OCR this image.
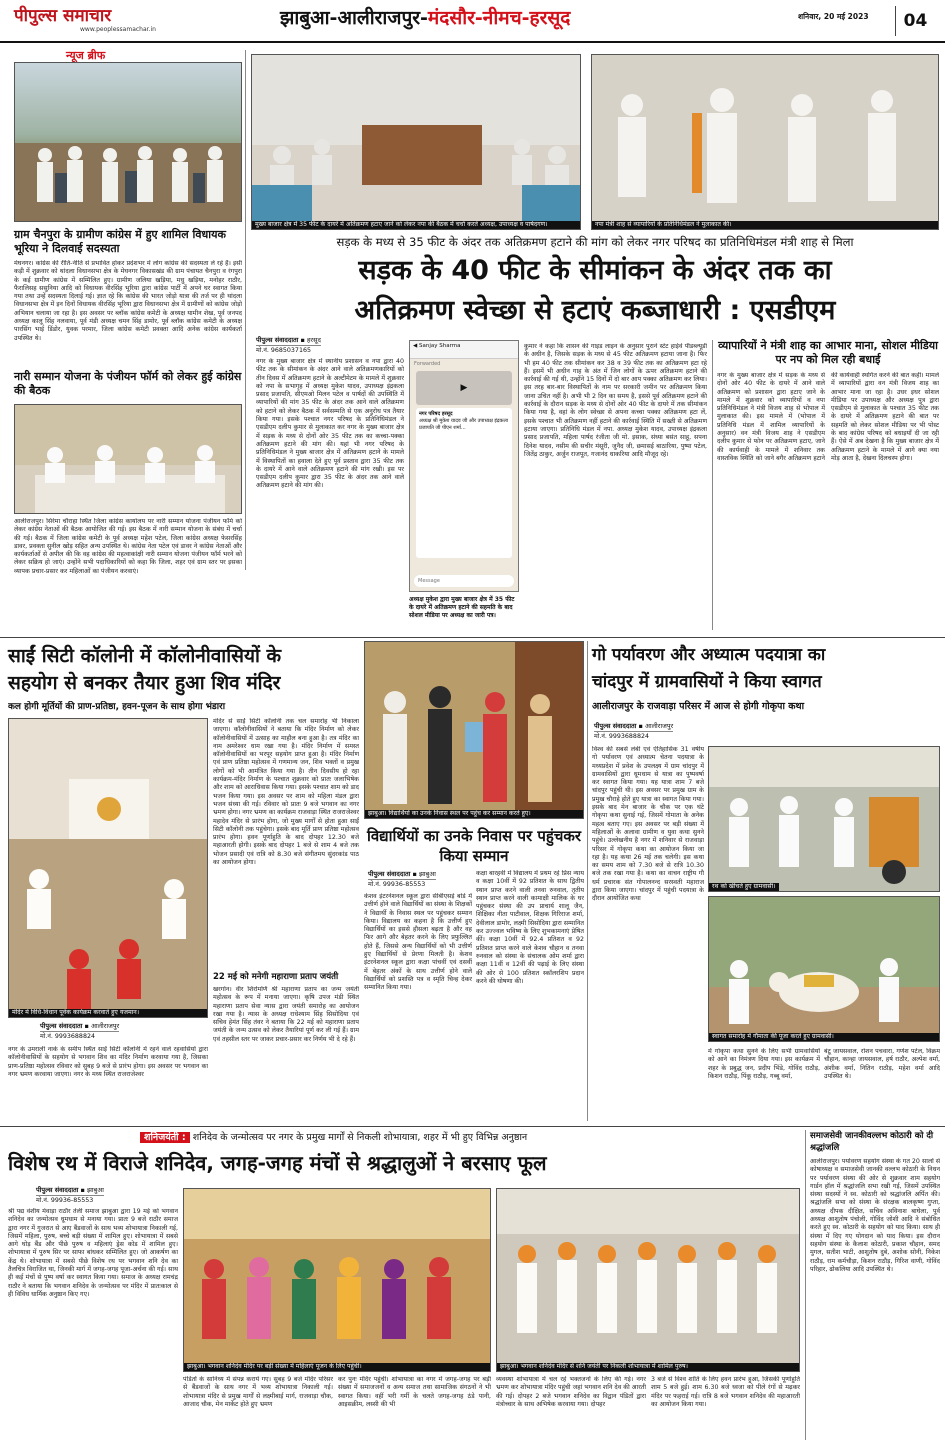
पीपुल्स समाचार
www.peoplessamachar.in
झाबुआ-आलीराजपुर-मंदसौर-नीमच-हरसूद	शनिवार, 20 मई 2023	04
न्यूज ब्रीफ
ग्राम चैनपुरा के ग्रामीण कांग्रेस में हुए शामिल विधायक भूरिया ने दिलवाई सदस्यता
मेघनगर। कांग्रेस की रीति-नीति से प्रभावित होकर प्रदेशभर में लोग कांग्रेस की सदस्यता ले रहे हैं। इसी कड़ी में शुक्रवार को थांदला विधानसभा क्षेत्र के मेघनगर विकासखंड की ग्राम पंचायत चैनपुरा व रंगपुरा के कई ग्रामीण कांग्रेस में सम्मिलित हुए। ग्रामीण जलिया खड़िया, मधु खड़िया, मनोहर राठौर, फैरालिसह ससुनिया आदि को विधायक वीरसिंह भूरिया द्वारा कांग्रेस पार्टी में अपने घर स्वागत किया गया तथा उन्हें सदस्यता दिलाई गई। ज्ञात रहे कि कांग्रेस की भारत जोड़ो यात्रा की तर्ज पर ही थांदला विधानसभा क्षेत्र में इन दिनों विधायक वीरसिंह भूरिया द्वारा विधानसभा क्षेत्र में ग्रामीणों को कांग्रेस जोड़ो अभियान चलाया जा रहा है। इस अवसर पर ब्लॉक कांग्रेस कमेटी के अध्यक्ष यामीन शेख, पूर्व जनपद अध्यक्ष कालू सिंह नलवाया, पूर्व मंडी अध्यक्ष चमन सिंह डामोर, पूर्व ब्लॉक कांग्रेस कमेटी के अध्यक्ष पारसिंग भाई डिंडोर, युवक परमार, जिला कांग्रेस कमेटी प्रवक्ता आदि अनेक कांग्रेस कार्यकर्ता उपस्थित थे।
नारी सम्मान योजना के पंजीयन फॉर्म को लेकर हुई कांग्रेस की बैठक
आलीराजपुर। सिरेमा चौराहा स्थित जिला कांग्रेस कार्यालय पर नारी सम्मान योजना पंजीयन फॉर्म को लेकर कांग्रेस नेताओं की बैठक आयोजित की गई। इस बैठक में नारी सम्मान योजना के संबंध में चर्चा की गई। बैठक में जिला कांग्रेस कमेटी के पूर्व अध्यक्ष महेश पटेल, जिला कांग्रेस अध्यक्ष फेसरसिंह डावर, प्रवक्ता सुनील खोड़ सहित अन्य उपस्थित थे। कांग्रेस नेता पटेल एवं डावर ने कांग्रेस नेताओं और कार्यकर्ताओं से अपील की कि वह कांग्रेस की महत्वाकांक्षी नारी सम्मान योजना पंजीयन फॉर्म भरने को लेकर सक्रिय हो जाएं। उन्होंने सभी पदाधिकारियों को कहा कि जिला, शहर एवं ग्राम स्तर पर इसका व्यापक प्रचार-प्रसार कर महिलाओं का पंजीयन करवाएं।
मुख्य बाजार क्षेत्र में 35 फीट के दायरे में अतिक्रमण हटाए जाने को लेकर नपा की बैठक में चर्चा करते अध्यक्ष, उपाध्यक्ष व पार्षदगण।	नपा मंत्री शाह से व्यापारियों के प्रतिनिधिमंडल ने मुलाकात की।
सड़क के मध्य से 35 फीट के अंदर तक अतिक्रमण हटाने की मांग को लेकर नगर परिषद का प्रतिनिधिमंडल मंत्री शाह से मिला
सड़क के 40 फीट के सीमांकन के अंदर तक का
अतिक्रमण स्वेच्छा से हटाएं कब्जाधारी : एसडीएम
पीपुल्स संवाददाता ▪ हरसूद
मो.नं. 9685037165
नगर के मुख्य बाजार क्षेत्र में स्थानीय प्रशासन व नपा द्वारा 40 फीट तक के सीमांकन के अंदर आने वाले अतिक्रमणकारियों को तीन दिवस में अतिक्रमण हटाने के अल्टीमेटम के मामले में शुक्रवार को नपा के सभागृह में अध्यक्ष मुकेश यादव, उपाध्यक्ष इंद्रकला प्रसाद प्रजापति, सीएमओ मिलन पटेल व पार्षदों की उपस्थिति में व्यापारियों की मांग 35 फीट के अंदर तक आने वाले अतिक्रमण को हटाने को लेकर बैठक में सर्वसम्मति से एक अनुरोध पत्र तैयार किया गया। इसके पश्चात नगर परिषद के प्रतिनिधिमंडल ने एसडीएम दलीप कुमार से मुलाकात कर नगर के मुख्य बाजार क्षेत्र में सड़क के मध्य से दोनों ओर 35 फीट तक का कच्चा-पक्का अतिक्रमण हटाने की मांग की। यहां भी नगर परिषद के प्रतिनिधिमंडल ने मुख्य बाजार क्षेत्र में अतिक्रमण हटाने के मामले में विस्थापितों का हवाला देते हुए पूर्व प्रस्ताव द्वारा 35 फीट तक के दायरे में आने वाले अतिक्रमण हटाने की मांग रखी। इस पर एसडीएम दलीप कुमार द्वारा 35 फीट के अंदर तक आने वाले अतिक्रमण हटाने की मांग की।
◀ Sanjay Sharma
Forwarded
▶
नगर परिषद हरसूद
अध्यक्ष श्री मुकेश यादव जी और उपाध्यक्ष इंद्रकला प्रजापति जी पीएन शर्मा...
Message
अध्यक्ष मुकेश द्वारा मुख्य बाजार क्षेत्र में 35 फीट के दायरे में अतिक्रमण हटाने की सहमति के बाद सोशल मीडिया पर अध्यक्ष का जारी पत्र।
कुमार ने कहा कि शासन की गाइड लाइन के अनुसार पुराने स्टेट हाईवे पीडब्ल्यूडी के अधीन है, जिसके सड़क के मध्य से 45 फीट अतिक्रमण हटाया जाना है। फिर भी हम 40 फीट तक सीमांकन कर 38 व 39 फीट तक का अतिक्रमण हटा रहे हैं। इसमें भी अधीन गाह के अंत में जिन लोगों के ऊपर अतिक्रमण हटाने की कार्रवाई की गई थी, उन्होंने 15 दिनों में दो बार आप पक्का अतिक्रमण कर लिया। इस तरह बार-बार विस्थापितों के नाम पर सरकारी जमीन पर अतिक्रमण किया जाना उचित नहीं है। अभी भी 2 दिन का समय है, इससे पूर्व अतिक्रमण हटाने की कार्रवाई के दौरान सड़क के मध्य से दोनों ओर 40 फीट के दायरे में तक सीमांकन किया गया है, वहां के लोग स्वेच्छा से अपना कच्चा पक्का अतिक्रमण हटा लें, इसके पश्चात भी अतिक्रमण नहीं हटाने की कार्रवाई स्थिति में सख्ती से अतिक्रमण हटाया जाएगा। प्रतिनिधि मंडल में नपा. अध्यक्ष मुकेश यादव, उपाध्यक्ष इंद्रकला प्रसाद प्रजापति, महिला पार्षद रंजीता जी मो. इसाक, संध्या बसंत साहू, सपना दिनेश यादव, नसीम की सचीर मंसूरी, जुनैद जी, छमासई बाठारिया, पुष्पा पटेल, जितेंद्र ठाकुर, अर्जुन राजपूत, गजानंद धाकरिया आदि मौजूद रहे।
व्यापारियों ने मंत्री शाह का आभार माना, सोशल मीडिया पर नप को मिल रही बधाई
नगर के मुख्य बाजार क्षेत्र में सड़क के मध्य से दोनों ओर 40 फीट के दायरे में आने वाले अतिक्रमण को प्रशासन द्वारा हटाए जाने के मामले में शुक्रवार को व्यापारियों व नपा प्रतिनिधिमंडल ने मंत्री विजय शाह से भोपाल में मुलाकात की। इस मामले में (भोपाल में प्रतिनिधि मंडल में शामिल व्यापारियों के अनुसार) वन मंत्री विजय शाह ने एसडीएम दलीप कुमार से फोन पर अतिक्रमण हटाए, जाने की कार्यवाही के मामले में शनिवार तक वास्तविक स्थिति को जाने बगैर अतिक्रमण हटाने की कार्यवाही स्थगित करने की बात कही। मामले में व्यापारियों द्वारा वन मंत्री विजय शाह का आभार माना जा रहा है। उधर इधर सोशल मीडिया पर उपाध्यक्ष और अध्यक्ष पुत्र द्वारा एसडीएम से मुलाकात के पश्चात 35 फीट तक के दायरे में अतिक्रमण हटाने की बात पर सहमति को लेकर सोशल मीडिया पर भी पोस्ट के बाद कांग्रेस परिषद को बधाइयाँ दी जा रही हैं। ऐसे में अब देखना है कि मुख्य बाजार क्षेत्र में अतिक्रमण हटाने के मामले में आगे क्या नया मोड़ आता है, देखना दिलचस्प होगा।
साईं सिटी कॉलोनी में कॉलोनीवासियों के
सहयोग से बनकर तैयार हुआ शिव मंदिर
कल होगी मूर्तियों की प्राण-प्रतिष्ठा, हवन-पूजन के साथ होगा भंडारा
मंदिर में विधि-विधान पूर्वक कार्यक्रम करवाते हुए यजमान।
पीपुल्स संवाददाता ▪ आलीराजपुर
मो.नं. 9993688824
नगर के उमराली नाके के समीप स्थित साईं सिटी कॉलोनी में रहने वाले रहवासियों द्वारा कॉलोनीवासियों के सहयोग से भगवान शिव का मंदिर निर्माण करवाया गया है, जिसका प्राण-प्रतिष्ठा महोत्सव रविवार को सुबह 9 बजे से प्रारंभ होगा। इस अवसर पर भगवान का नगर भ्रमण करवाया जाएगा। नगर के मध्य स्थित राजराजेश्वर
मंदिर से साईं सिटी कॉलोनी तक चल समारोह भी निकाला जाएगा। कॉलोनीवासियों ने बताया कि मंदिर निर्माण को लेकर कॉलोनीवासियों में उत्साह का माहौल बना हुआ है। तत्र मंदिर का नाम अमरेश्वर धाम रखा गया है। मंदिर निर्माण में समस्त कॉलोनीवासियों का भरपूर सहयोग प्राप्त हुआ है। मंदिर निर्माण एवं प्राण प्रतिष्ठा महोत्सव में गणमान्य जन, शिव भक्तों व प्रमुख लोगों को भी आमंत्रित किया गया है। तीन दिवसीय हो रहा कार्यक्रम-मंदिर निर्माण के पश्चात शुक्रवार को प्रातः जलाभिषेक और शाम को आराधिवास किया गया। इसके पश्चात शाम को डाद भजन किया गया। इस अवसर पर शाम को महिला मंडल द्वारा भजन संध्या की गई। रविवार को प्रातः 9 बजे भगवान का नगर भ्रमण होगा। नगर भ्रमण का कार्यक्रम राजवाड़ा स्थित राजराजेश्वर महादेव मंदिर से प्रारंभ होगा, जो मुख्य मार्गों से होता हुआ साईं सिटी कॉलोनी तक पहुंचेगा। इसके बाद मूर्ति प्राण प्रतिष्ठा महोत्सव प्रारंभ होगा। हवन पूर्णाहुति के बाद दोपहर 12.30 बजे महाआरती होगी। इसके बाद दोपहर 1 बजे से शाम 4 बजे तक भोजन प्रसादी एवं रात्रि को 8.30 बजे संगीतमय सुंदरकांड पाठ का आयोजन होगा।
22 मई को मनेगी महाराणा प्रताप जयंती
खरगोन। वीर शिरोमणि श्री महाराणा प्रताप का जन्म जयंती महोत्सव के रूप में मनाया जाएगा। कृषि उपज मंडी स्थित महाराणा प्रताप सेवा न्यास द्वारा जयंती समारोह का आयोजन रखा गया है। न्यास के अध्यक्ष राधेश्याम सिंह सिसोदिया एवं सचिव हेमंत सिंह तंवर ने बताया कि 22 मई को महाराणा प्रताप जयंती के जन्म उत्सव को लेकर तैयारियां पूर्ण कर ली गई हैं। ग्राम एवं तहसील स्तर पर जाकर प्रचार-प्रसार कर निर्णय भी दे रहे हैं।
झाबुआ। विद्यार्थियों का उनके निवास स्थल पर पहुंच कर सम्मान करते हुए।
विद्यार्थियों का उनके निवास पर पहुंचकर किया सम्मान
पीपुल्स संवाददाता ▪ झाबुआ
मो.नं. 99936-85553
केशव इंटरनेशनल स्कूल द्वारा सीबीएसई बोर्ड में उत्तीर्ण होने वाले विद्यार्थियों का संस्था के शिक्षकों ने विद्यार्थी के निवास स्थल पर पहुंचकर सम्मान किया। विद्यालय का कहना है कि उत्तीर्ण हुए विद्यार्थियों का इससे हौसला बढ़ता है और वह फिर आगे और बेहतर करने के लिए प्रफुल्लित होते हैं, जिससे अन्य विद्यार्थियों को भी उत्तीर्ण हुए विद्यार्थियों से प्रेरणा मिलती है। केशव इंटरनेशनल स्कूल द्वारा कक्षा पांचवीं एवं दसवीं में बेहतर अंकों के साथ उत्तीर्ण होने वाले विद्यार्थियों को प्रशस्ति पत्र व स्मृति चिन्ह देकर सम्मानित किया गया।
कक्षा बारहवीं में विद्यालय में प्रथम रहे प्रिंस न्याय व कक्षा 10वीं में 92 प्रतिशत के साथ द्वितीय स्थान प्राप्त करने वाली तनवा रुनवाल, तृतीय स्थान प्राप्त करने वाली कामाक्षी मालिक के घर पहुंचकर संस्था की उप प्राचार्य शालू जैन, शिक्षिका नीता पाटीवाल, शिक्षक गिरिराज शर्मा, देवीलाल डामोर, लक्ष्मी सिसोदिया द्वारा सम्मानित कर उज्ज्वल भविष्य के लिए शुभकामनाएं प्रेषित कीं। कक्षा 10वीं में 92.4 प्रतिशत व 92 प्रतिशत प्राप्त करने वाले केशव चौहान व तनवा रुनवाल को संस्था के संचालक ओम शर्मा द्वारा कक्षा 11वीं व 12वीं की पढ़ाई के लिए संस्था की ओर से 100 प्रतिशत स्कॉलरशिप प्रदान करने की घोषणा की।
गो पर्यावरण और अध्यात्म पदयात्रा का
चांदपुर में ग्रामवासियों ने किया स्वागत
आलीराजपुर के राजवाड़ा परिसर में आज से होगी गोकृपा कथा
पीपुल्स संवाददाता ▪ आलीराजपुर
मो.नं. 9993688824
विश्व की सबसे लंबी एवं ऐतिहासिक 31 वर्षीय गो पर्यावरण एवं अध्यात्म चेतना पदयात्रा के मध्यप्रदेश में प्रवेश के उपलक्ष्य में ग्राम चांदपुर में ग्रामवासियों द्वारा धूमधाम से यात्रा का पुष्पवर्षा कर स्वागत किया गया। यह यात्रा शाम 7 बजे चांदपुर पहुंची थी। इस अवसर पर प्रमुख ग्राम के प्रमुख चौराहे होते हुए यात्रा का स्वागत किया गया। इसके बाद मेन बाजार के चौक पर एक घंटे गोकृपा कथा सुनाई गई, जिसमें गोमाता के अनेक महत्व बताए गए। इस अवसर पर बड़ी संख्या में महिलाओं के अलावा ग्रामीण व युवा कथा सुनने पहुंचे। उल्लेखनीय है नगर में शनिवार से राजवाड़ा परिसर में गोकृपा कथा का आयोजन किया जा रहा है। यह कथा 26 मई तक चलेगी। इस कथा का समय शाम को 7.30 बजे से रात्रि 10.30 बजे तक रखा गया है। कथा का वाचन राष्ट्रीय गौ धर्म प्रचारक संत गोपालनन्द सरस्वती महाराज द्वारा किया जाएगा। चांदपुर में पहुंची पदयात्रा के दौरान आयोजित कथा
रथ को खींचते हुए ग्रामवासी।
स्वागत समारोह में गौमाता की पूजा करते हुए ग्रामवासी।
में गोकृपा कथा सुनने के लिए सभी ग्रामवासियों को आने का निमंत्रण दिया गया। इस कार्यक्रम में शहर के प्रबुद्ध जन, प्रदीप भिंडे, गोविंद राठौड़, किशन राठौड़, पिंकू राठौड़, गब्बू वर्मा,
बंटू जायसवाल, रोशन पचवारा, गणेश पटेल, विक्रम चौहान, कान्हा जायसवाल, हर्ष राठौर, अल्पेश वर्मा, अंशीक वर्मा, नितिन राठौड़, महेश वर्मा आदि उपस्थित थे।
शनिजयंती : शनिदेव के जन्मोत्सव पर नगर के प्रमुख मार्गों से निकली शोभायात्रा, शहर में भी हुए विभिन्न अनुष्ठान
विशेष रथ में विराजे शनिदेव, जगह-जगह मंचों से श्रद्धालुओं ने बरसाए फूल
पीपुल्स संवाददाता ▪ झाबुआ
मो.नं. 99936-85553
श्री पद्य वंशीय मेवाड़ा राठौर तेली समाज झाबुआ द्वारा 19 मई को भगवान शनिदेव का जन्मोत्सव धूमधाम से मनाया गया। प्रातः 9 बजे राठौर समाज द्वारा नगर में गुजरात से आए बैंडवाजों के साथ भव्य शोभायात्रा निकाली गई, जिसमें महिला, पुरुष, बच्चे बड़ी संख्या में शामिल हुए। शोभायात्रा में सबसे आगे घोड़ बैंड और पीछे पुरुष व महिलाएं ड्रेस कोड में शामिल हुए। शोभायात्रा में पुरुष सिर पर साफा बांधकर सम्मिलित हुए। जो आकर्षण का केंद्र थे। शोभायात्रा में सबसे पीछे विशेष रथ पर भगवान शनि देव का तैलचित्र विराजित था, जिनकी मार्ग में जगह-जगह पूजा-अर्चना की गई। साथ ही कई मंचों से पुष्प वर्षा कर स्वागत किया गया। समाज के अध्यक्ष रामचंद्र राठौर ने बताया कि भगवान शनिदेव के जन्मोत्सव पर मंदिर में प्रातःकाल से ही विविध धार्मिक अनुष्ठान किए गए।
झाबुआ। भगवान शनिदेव मंदिर पर बड़ी संख्या में महिलाएं पूजन के लिए पहुंचीं।	झाबुआ। भगवान शनिदेव मंदिर से शनि जयंती पर निकली शोभायात्रा में शामिल पुरुष।
पंडितों के सानिध्य में संपन्न कराये गए। सुबह 9 बजे मंदिर परिसर से बैंडवाजों के साथ नगर में भव्य शोभायात्रा निकाली गई। शोभायात्रा मंदिर से प्रमुख मार्गों से लक्ष्मीबाई मार्ग, राजवाड़ा चौक, आजाद चौक, मेन मार्केट होते हुए भ्रमण
कर पुनः मंदिर पहुंची। शोभायात्रा का नगर में जगह-जगह पर बड़ी संख्या में समाजजनों व अन्य समाज तथा सामाजिक संगठनों ने भी स्वागत किया। वहीं भरी गर्मी के चलते जगह-जगह ठंडे पानी, आइसक्रीम, लस्सी की भी
व्यवस्था शोभायात्रा में चल रहे भक्तजनों के लिए की गई। नगर भ्रमण कर शोभायात्रा मंदिर पहुंची जहां भगवान शनि देव की आरती की गई। दोपहर 2 बजे भगवान शनिदेव का विद्वान पंडितों द्वारा मंत्रोच्चार के साथ अभिषेक करवाया गया। दोपहर
3 बजे से विश्व शांति के लिए हवन प्रारंभ हुआ, जिसकी पूर्णाहुति शाम 5 बजे हुई। शाम 6.30 बजे ध्वजा को पीले रंगों से मढ़कर मंदिर पर फहराई गई। रात्रि 8 बजे भगवान शनिदेव की महाआरती का आयोजन किया गया।
समाजसेवी जानकीवल्लभ कोठारी को दी श्रद्धांजलि
आलीराजपुर। पर्यावरण सहयोग संस्था के गत 20 सालों से कोषाध्यक्ष व समाजसेवी जानकी वल्लभ कोठारी के निधन पर पर्यावरण संस्था की ओर से शुक्रवार शाम सहयोग गार्डन हॉल में श्रद्धांजलि सभा रखी गई, जिसमें उपस्थित संस्था सदस्यों ने स्व. कोठारी को श्रद्धांजलि अर्पित की। श्रद्धांजलि सभा को संस्था के संरक्षक बालकृष्ण गुप्ता, अध्यक्ष दीपक दीक्षित, सचिव अविनाश बाघेला, पूर्व अध्यक्ष आशुतोष पंचोली, गोविंद जोशी आदि ने संबोधित करते हुए स्व. कोठारी के सहयोग को याद किया। साथ ही संस्था में दिए गए योगदान को याद किया। इस दौरान सहयोग संस्था के कैलाश कोठारी, प्रकाश चौहान, समद मुगल, सतीश भाटी, आशुतोष दुबे, अशोक सोनी, निकेश राठौड़, राम कर्मचौड़ा, किशन राठौड़, गिरिश वाणी, गोविंद परिहार, ढोकलिया आदि उपस्थित थे।
